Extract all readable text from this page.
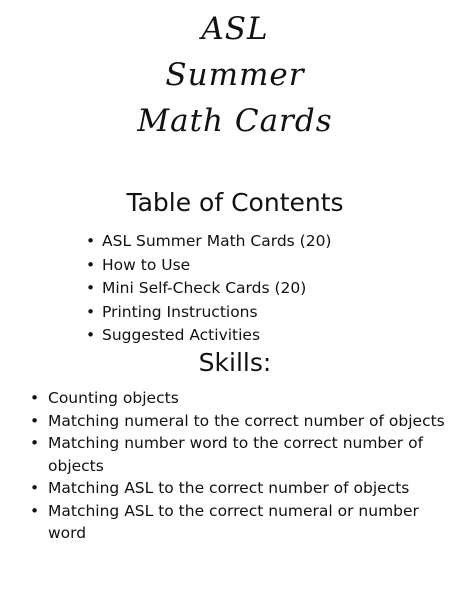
ASL
Summer
Math Cards
Table of Contents
• ASL Summer Math Cards (20)
• How to Use
• Mini Self-Check Cards (20)
• Printing Instructions
• Suggested Activities
Skills:
• Counting objects
• Matching numeral to the correct number of objects
• Matching number word to the correct number of objects
• Matching ASL to the correct number of objects
• Matching ASL to the correct numeral or number word
